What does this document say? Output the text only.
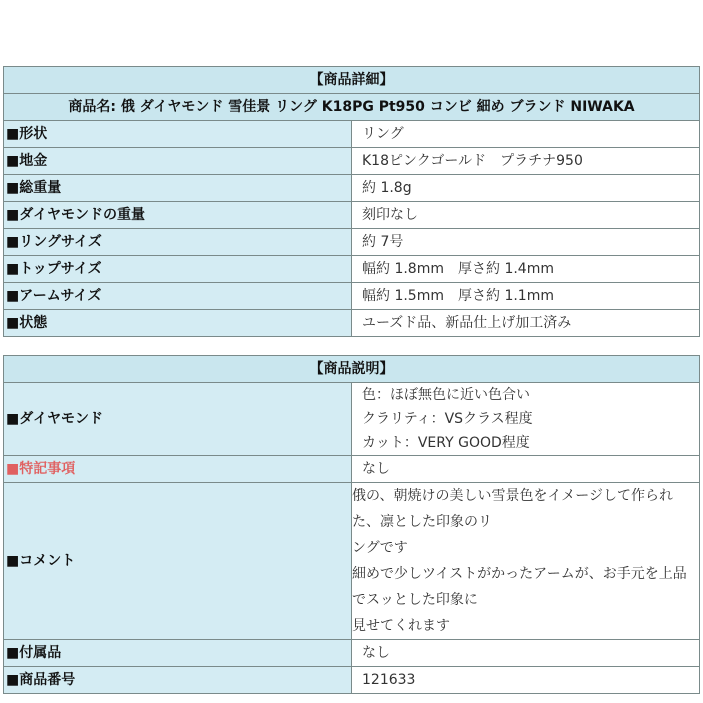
【商品詳細】	
商品名: 俄 ダイヤモンド 雪佳景 リング K18PG Pt950 コンビ 細め ブランド NIWAKA	
■形状	リング
■地金	K18ピンクゴールド　プラチナ950
■総重量	約 1.8g
■ダイヤモンドの重量	刻印なし
■リングサイズ	約 7号
■トップサイズ	幅約 1.8mm　厚さ約 1.4mm
■アームサイズ	幅約 1.5mm　厚さ約 1.1mm
■状態	ユーズド品、新品仕上げ加工済み
【商品説明】	
■ダイヤモンド	色：ほぼ無色に近い色合い
クラリティ：VSクラス程度
カット：VERY GOOD程度

■特記事項	なし
■コメント	俄の、朝焼けの美しい雪景色をイメージして作られた、凛とした印象のリ
ングです
細めで少しツイストがかったアームが、お手元を上品でスッとした印象に
見せてくれます

■付属品	なし
■商品番号	121633
